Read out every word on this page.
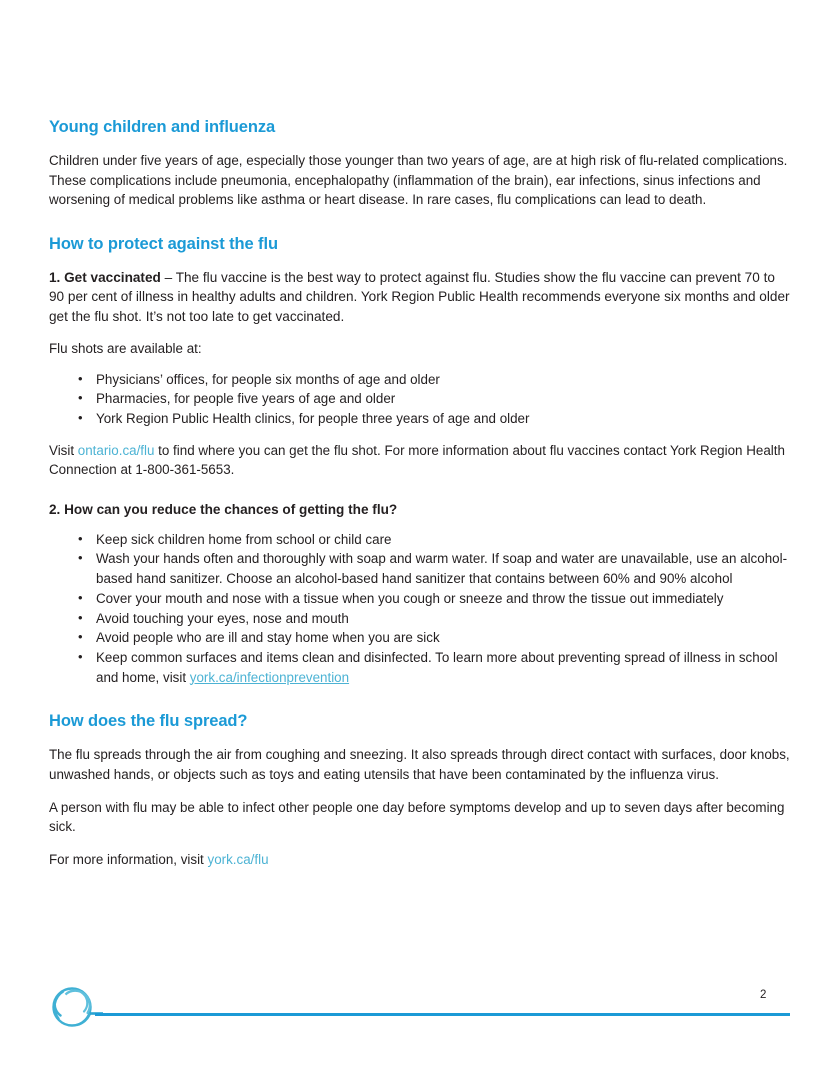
Young children and influenza

Children under five years of age, especially those younger than two years of age, are at high risk of flu-related complications. These complications include pneumonia, encephalopathy (inflammation of the brain), ear infections, sinus infections and worsening of medical problems like asthma or heart disease. In rare cases, flu complications can lead to death.

How to protect against the flu

1. Get vaccinated – The flu vaccine is the best way to protect against flu. Studies show the flu vaccine can prevent 70 to 90 per cent of illness in healthy adults and children. York Region Public Health recommends everyone six months and older get the flu shot. It’s not too late to get vaccinated.

Flu shots are available at:

• Physicians’ offices, for people six months of age and older
• Pharmacies, for people five years of age and older
• York Region Public Health clinics, for people three years of age and older

Visit ontario.ca/flu to find where you can get the flu shot. For more information about flu vaccines contact York Region Health Connection at 1-800-361-5653.

2. How can you reduce the chances of getting the flu?

• Keep sick children home from school or child care
• Wash your hands often and thoroughly with soap and warm water. If soap and water are unavailable, use an alcohol-based hand sanitizer. Choose an alcohol-based hand sanitizer that contains between 60% and 90% alcohol
• Cover your mouth and nose with a tissue when you cough or sneeze and throw the tissue out immediately
• Avoid touching your eyes, nose and mouth
• Avoid people who are ill and stay home when you are sick
• Keep common surfaces and items clean and disinfected. To learn more about preventing spread of illness in school and home, visit york.ca/infectionprevention
How does the flu spread?

The flu spreads through the air from coughing and sneezing. It also spreads through direct contact with surfaces, door knobs, unwashed hands, or objects such as toys and eating utensils that have been contaminated by the influenza virus.

A person with flu may be able to infect other people one day before symptoms develop and up to seven days after becoming sick.

For more information, visit york.ca/flu

2
